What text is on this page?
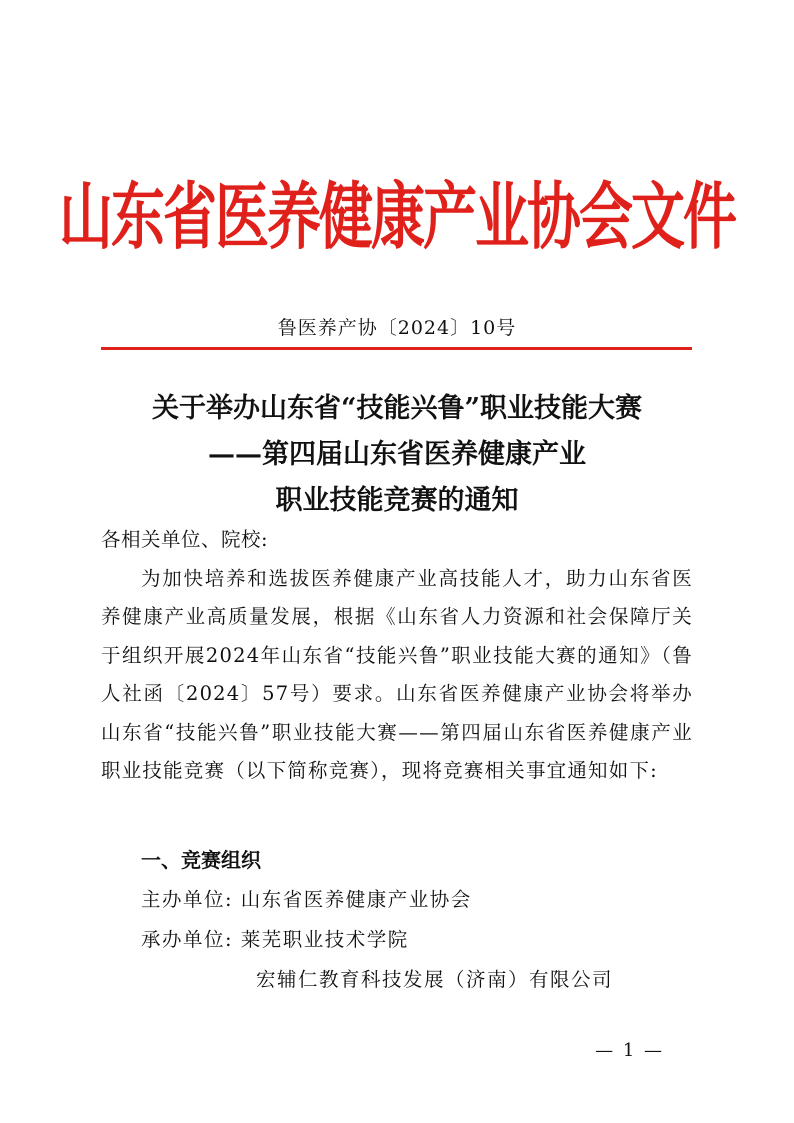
山东省医养健康产业协会文件
鲁医养产协〔2024〕10号
关于举办山东省“技能兴鲁”职业技能大赛
——第四届山东省医养健康产业
职业技能竞赛的通知

各相关单位、院校:

为加快培养和选拔医养健康产业高技能人才，助力山东省医养健康产业高质量发展，根据《山东省人力资源和社会保障厅关于组织开展2024年山东省“技能兴鲁”职业技能大赛的通知》（鲁人社函〔2024〕57号）要求。山东省医养健康产业协会将举办山东省“技能兴鲁”职业技能大赛——第四届山东省医养健康产业职业技能竞赛（以下简称竞赛），现将竞赛相关事宜通知如下:

一、竞赛组织
主办单位: 山东省医养健康产业协会
承办单位: 莱芜职业技术学院
宏辅仁教育科技发展（济南）有限公司
— 1 —
